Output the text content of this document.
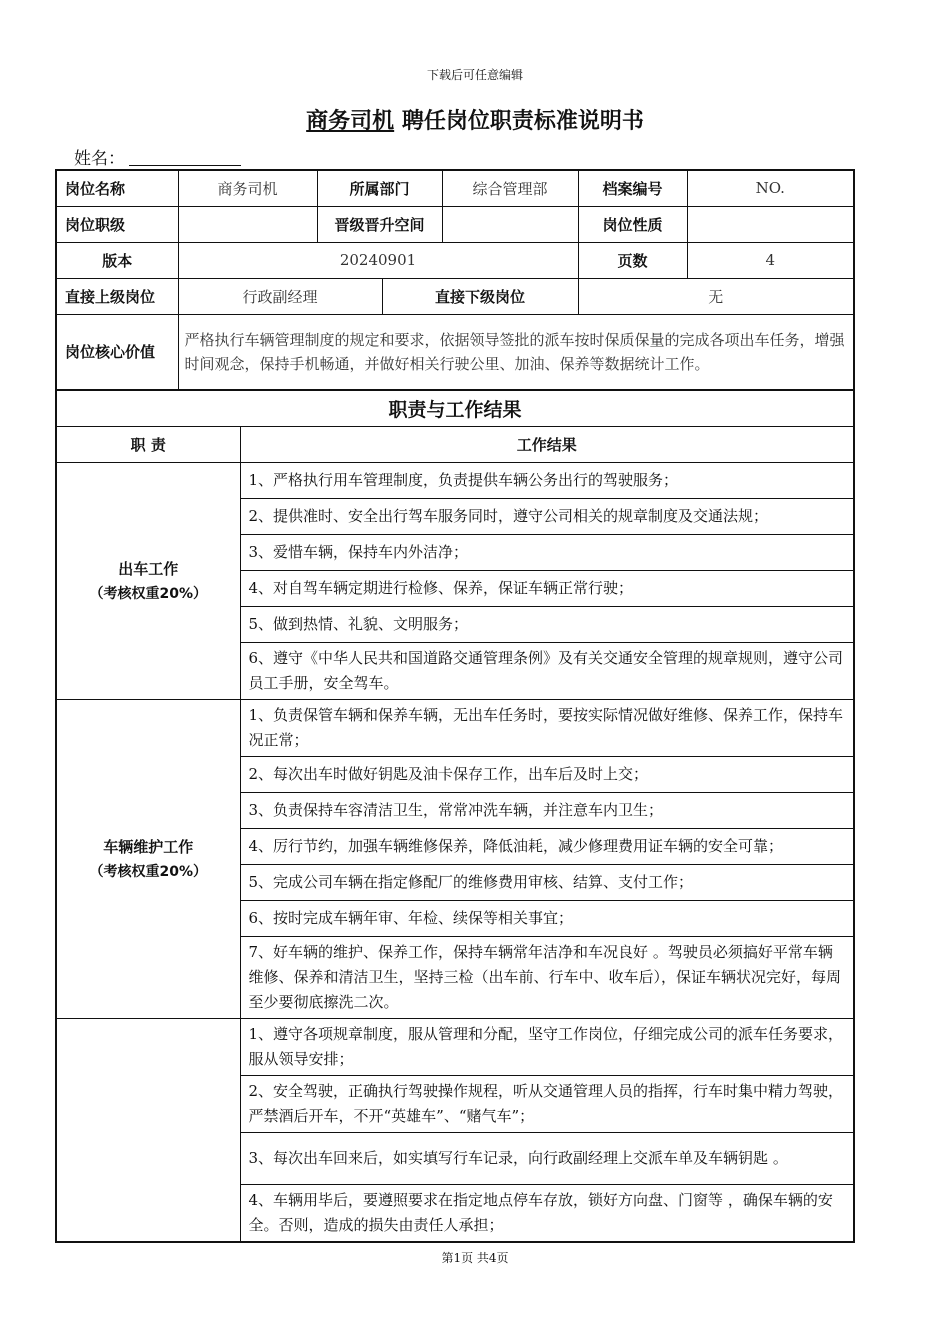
下载后可任意编辑
商务司机 聘任岗位职责标准说明书
姓名：
岗位名称	商务司机	所属部门		综合管理部	档案编号	NO.
岗位职级		晋级晋升空间			岗位性质	
版本	20240901				页数	4
直接上级岗位	行政副经理		直接下级岗位		无	
岗位核心价值	严格执行车辆管理制度的规定和要求，依据领导签批的派车按时保质保量的完成各项出车任务，增强时间观念，保持手机畅通，并做好相关行驶公里、加油、保养等数据统计工作。					
职责与工作结果	
职 责	工作结果

出车工作
（考核权重20%）	1、严格执行用车管理制度，负责提供车辆公务出行的驾驶服务；
	2、提供准时、安全出行驾车服务同时，遵守公司相关的规章制度及交通法规；
	3、爱惜车辆，保持车内外洁净；
	4、对自驾车辆定期进行检修、保养，保证车辆正常行驶；
	5、做到热情、礼貌、文明服务；
	6、遵守《中华人民共和国道路交通管理条例》及有关交通安全管理的规章规则，遵守公司员工手册，安全驾车。

车辆维护工作
（考核权重20%）	1、负责保管车辆和保养车辆，无出车任务时，要按实际情况做好维修、保养工作，保持车况正常；
	2、每次出车时做好钥匙及油卡保存工作，出车后及时上交；
	3、负责保持车容清洁卫生，常常冲洗车辆，并注意车内卫生；
	4、厉行节约，加强车辆维修保养，降低油耗，减少修理费用证车辆的安全可靠；
	5、完成公司车辆在指定修配厂的维修费用审核、结算、支付工作；
	6、按时完成车辆年审、年检、续保等相关事宜；
	7、好车辆的维护、保养工作，保持车辆常年洁净和车况良好 。驾驶员必须搞好平常车辆维修、保养和清洁卫生，坚持三检（出车前、行车中、收车后），保证车辆状况完好，每周至少要彻底擦洗二次。

	1、遵守各项规章制度，服从管理和分配，坚守工作岗位，仔细完成公司的派车任务要求，服从领导安排；
	2、安全驾驶，正确执行驾驶操作规程，听从交通管理人员的指挥，行车时集中精力驾驶，严禁酒后开车，不开“英雄车”、“赌气车”；
	3、每次出车回来后，如实填写行车记录，向行政副经理上交派车单及车辆钥匙 。
	4、车辆用毕后，要遵照要求在指定地点停车存放，锁好方向盘、门窗等 ，确保车辆的安全。否则，造成的损失由责任人承担；
第1页 共4页
